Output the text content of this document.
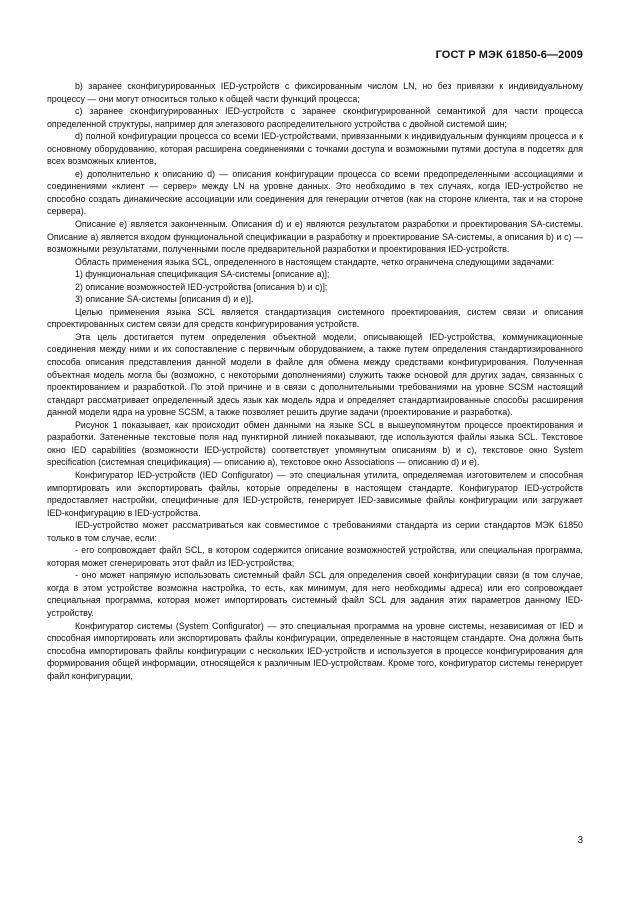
ГОСТ Р МЭК 61850-6—2009

b) заранее сконфигурированных IED-устройств с фиксированным числом LN, но без привязки к индивидуальному процессу — они могут относиться только к общей части функций процесса;

c) заранее сконфигурированных IED-устройств с заранее сконфигурированной семантикой для части процесса определенной структуры, например для элегазового распределительного устройства с двойной системой шин;

d) полной конфигурации процесса со всеми IED-устройствами, привязанными к индивидуальным функциям процесса и к основному оборудованию, которая расширена соединениями с точками доступа и возможными путями доступа в подсетях для всех возможных клиентов,

e) дополнительно к описанию d) — описания конфигурации процесса со всеми предопределенными ассоциациями и соединениями «клиент — сервер» между LN на уровне данных. Это необходимо в тех случаях, когда IED-устройство не способно создать динамические ассоциации или соединения для генерации отчетов (как на стороне клиента, так и на стороне сервера).

Описание е) является законченным. Описания d) и е) являются результатом разработки и проектирования SA-системы. Описание а) является входом функциональной спецификации в разработку и проектирование SA-системы, а описания b) и с) — возможными результатами, полученными после предварительной разработки и проектирования IED-устройств.

Область применения языка SCL, определенного в настоящем стандарте, четко ограничена следующими задачами:

1) функциональная спецификация SA-системы [описание а)];

2) описание возможностей IED-устройства [описания b) и с)];

3) описание SA-системы [описания d) и е)].

Целью применения языка SCL является стандартизация системного проектирования, систем связи и описания спроектированных систем связи для средств конфигурирования устройств.

Эта цель достигается путем определения объектной модели, описывающей IED-устройства, коммуникационные соединения между ними и их сопоставление с первичным оборудованием, а также путем определения стандартизированного способа описания представления данной модели в файле для обмена между средствами конфигурирования. Полученная объектная модель могла бы (возможно, с некоторыми дополнениями) служить также основой для других задач, связанных с проектированием и разработкой. По этой причине и в связи с дополнительными требованиями на уровне SCSM настоящий стандарт рассматривает определенный здесь язык как модель ядра и определяет стандартизированные способы расширения данной модели ядра на уровне SCSM, а также позволяет решить другие задачи (проектирование и разработка).

Рисунок 1 показывает, как происходит обмен данными на языке SCL в вышеупомянутом процессе проектирования и разработки. Затененные текстовые поля над пунктирной линией показывают, где используются файлы языка SCL. Текстовое окно IED capabilities (возможности IED-устройств) соответствует упомянутым описаниям b) и с), текстовое окно System specification (системная спецификация) — описанию а), текстовое окно Associations — описанию d) и е).

Конфигуратор IED-устройств (IED Configurator) — это специальная утилита, определяемая изготовителем и способная импортировать или экспортировать файлы, которые определены в настоящем стандарте. Конфигуратор IED-устройств предоставляет настройки, специфичные для IED-устройств, генерирует IED-зависимые файлы конфигурации или загружает IED-конфигурацию в IED-устройства.

IED-устройство может рассматриваться как совместимое с требованиями стандарта из серии стандартов МЭК 61850 только в том случае, если:

- его сопровождает файл SCL, в котором содержится описание возможностей устройства, или специальная программа, которая может сгенерировать этот файл из IED-устройства;

- оно может напрямую использовать системный файл SCL для определения своей конфигурации связи (в том случае, когда в этом устройстве возможна настройка, то есть, как минимум, для него необходимы адреса) или его сопровождает специальная программа, которая может импортировать системный файл SCL для задания этих параметров данному IED-устройству.

Конфигуратор системы (System Configurator) — это специальная программа на уровне системы, независимая от IED и способная импортировать или экспортировать файлы конфигурации, определенные в настоящем стандарте. Она должна быть способна импортировать файлы конфигурации с нескольких IED-устройств и используется в процессе конфигурирования для формирования общей информации, относящейся к различным IED-устройствам. Кроме того, конфигуратор системы генерирует файл конфигурации,

3
